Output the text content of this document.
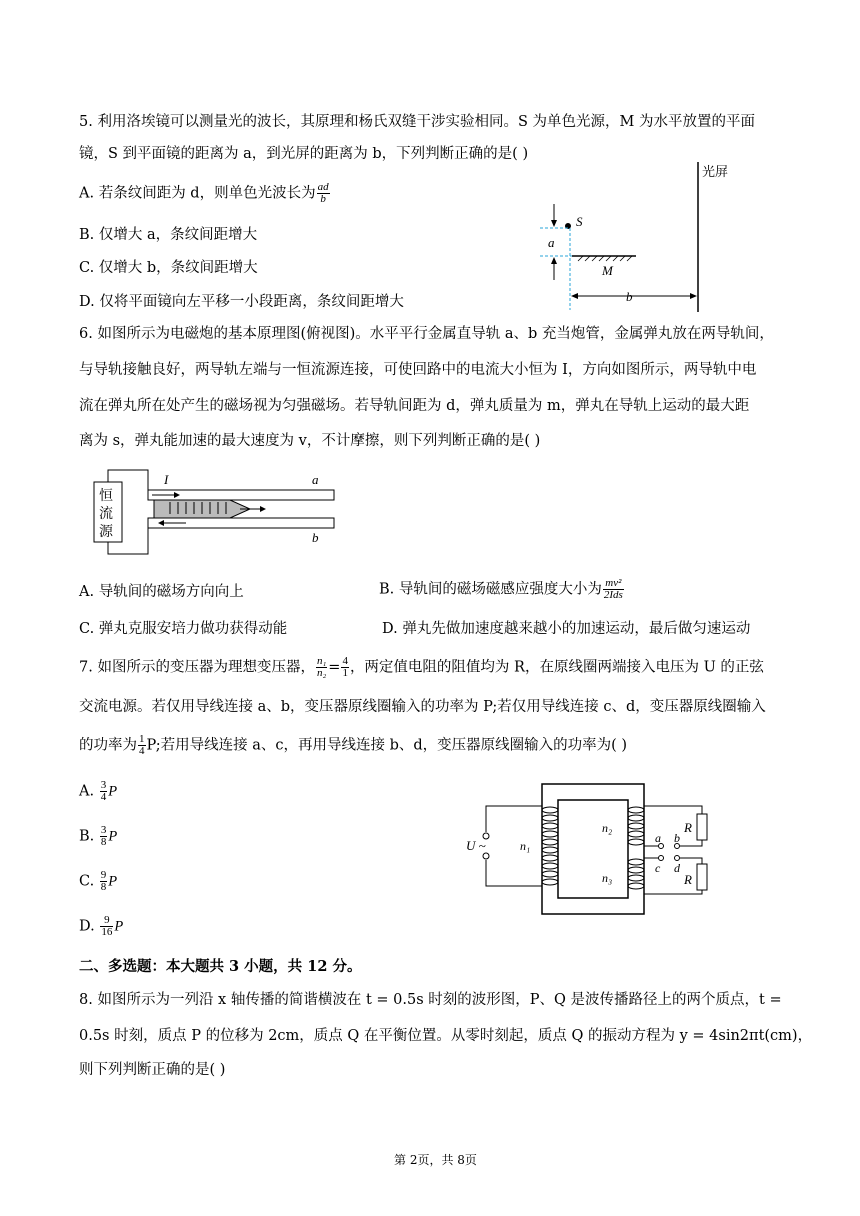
5. 利用洛埃镜可以测量光的波长，其原理和杨氏双缝干涉实验相同。S 为单色光源，M 为水平放置的平面
镜，S 到平面镜的距离为 a，到光屏的距离为 b，下列判断正确的是( )
A. 若条纹间距为 d，则单色光波长为 $\frac{ad}{b}$
B. 仅增大 a，条纹间距增大
C. 仅增大 b，条纹间距增大
D. 仅将平面镜向左平移一小段距离，条纹间距增大
光屏
S
a
M
b
6. 如图所示为电磁炮的基本原理图(俯视图)。水平平行金属直导轨 a、b 充当炮管，金属弹丸放在两导轨间，
与导轨接触良好，两导轨左端与一恒流源连接，可使回路中的电流大小恒为 I，方向如图所示，两导轨中电
流在弹丸所在处产生的磁场视为匀强磁场。若导轨间距为 d，弹丸质量为 m，弹丸在导轨上运动的最大距
离为 s，弹丸能加速的最大速度为 v，不计摩擦，则下列判断正确的是( )
恒
流
源
a
b
I
A. 导轨间的磁场方向向上	B. 导轨间的磁场磁感应强度大小为 $\frac{\text{mv²}}{\text{2Ids}}$
C. 弹丸克服安培力做功获得动能	D. 弹丸先做加速度越来越小的加速运动，最后做匀速运动
7. 如图所示的变压器为理想变压器， $\frac{\text{n₁}}{\text{n₂}} = \frac{4}{1}$ ，两定值电阻的阻值均为 R，在原线圈两端接入电压为 U 的正弦
交流电源。若仅用导线连接 a、b，变压器原线圈输入的功率为 P;若仅用导线连接 c、d，变压器原线圈输入
的功率为 $\frac{1}{4} P$;若用导线连接 a、c，再用导线连接 b、d，变压器原线圈输入的功率为( )
A. $\frac{3}{4}$ P
B. $\frac{3}{8}$ P
C. $\frac{9}{8}$ P
D. $\frac{9}{16}$ P
U ~	n₁
n₂
n₃
a b
c d
R
R
二、多选题：本大题共 3 小题，共 12 分。
8. 如图所示为一列沿 x 轴传播的简谐横波在 t = 0.5s 时刻的波形图，P、Q 是波传播路径上的两个质点，t =
0.5s 时刻，质点 P 的位移为 2cm，质点 Q 在平衡位置。从零时刻起，质点 Q 的振动方程为 y = 4sin2πt(cm)，
则下列判断正确的是( )
第 2页，共 8页
